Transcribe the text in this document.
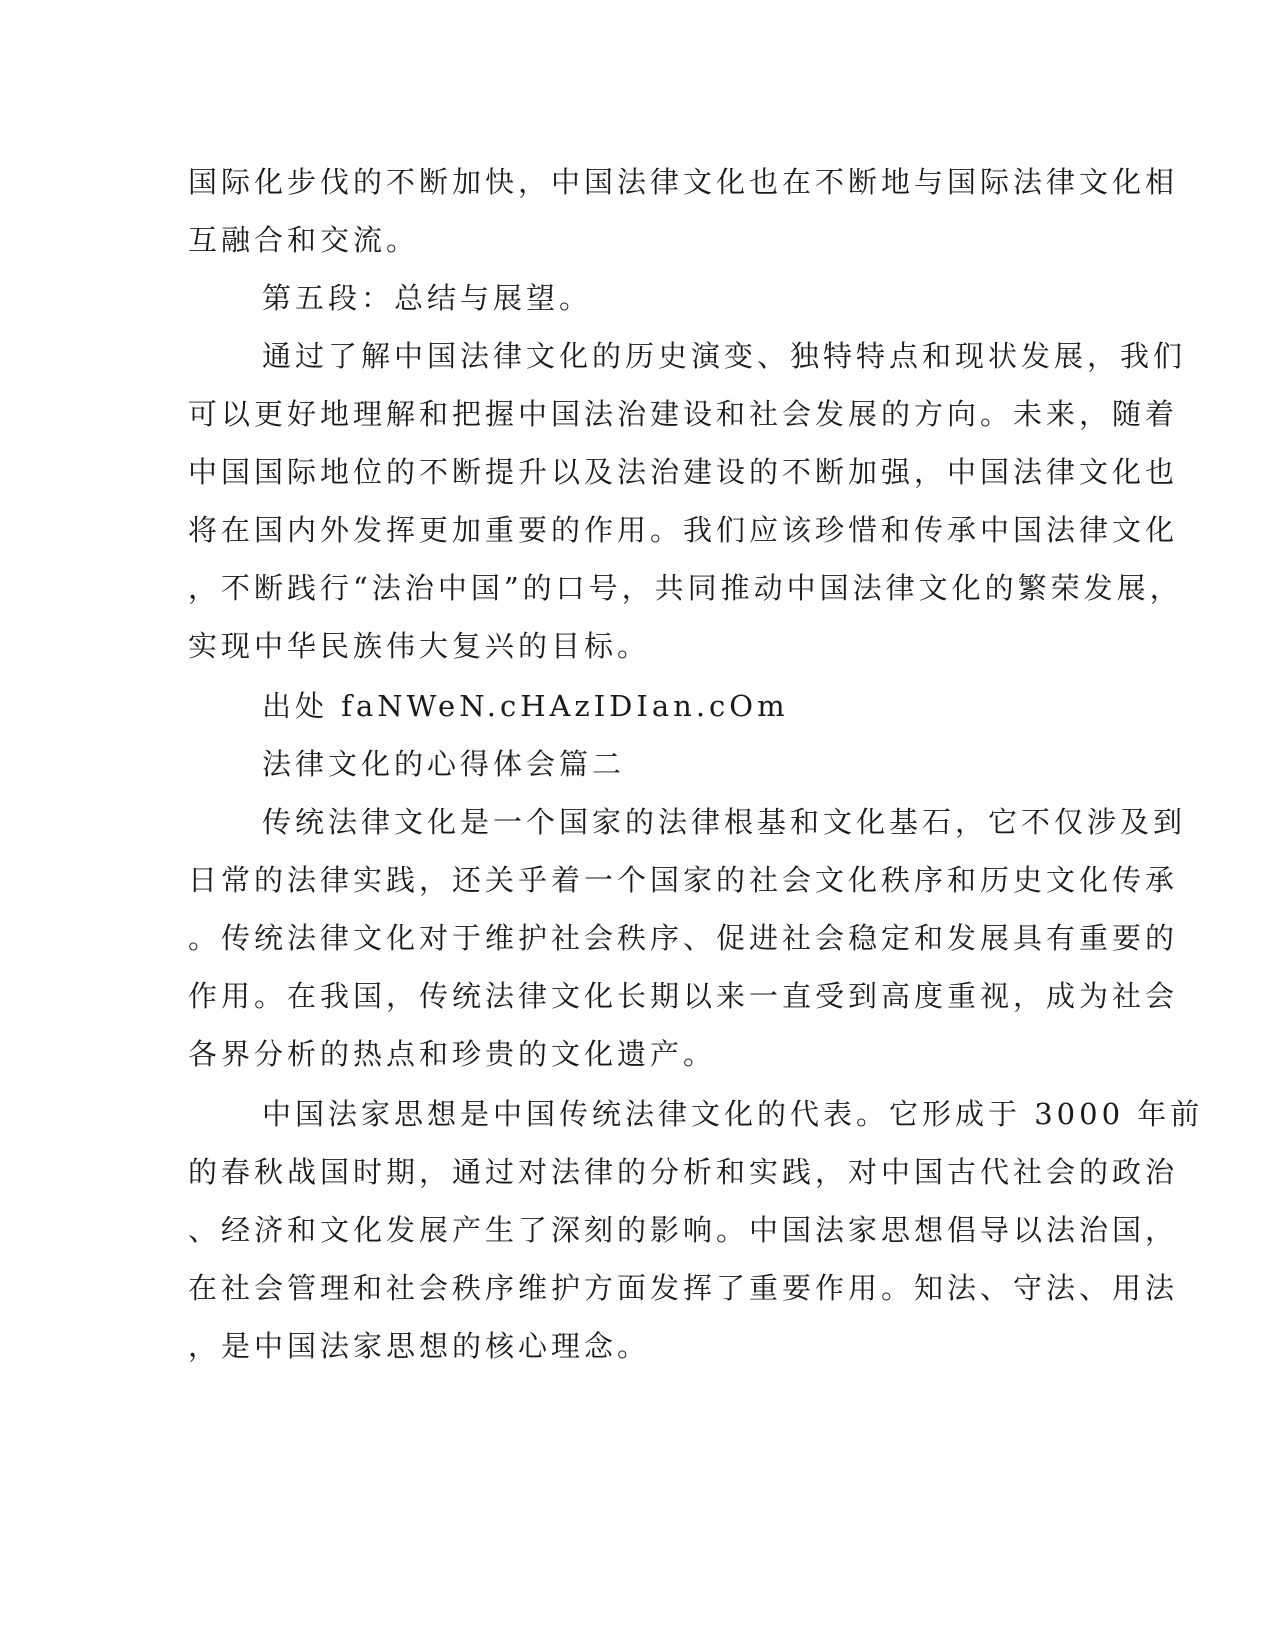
国际化步伐的不断加快，中国法律文化也在不断地与国际法律文化相
互融合和交流。
第五段：总结与展望。
通过了解中国法律文化的历史演变、独特特点和现状发展，我们
可以更好地理解和把握中国法治建设和社会发展的方向。未来，随着
中国国际地位的不断提升以及法治建设的不断加强，中国法律文化也
将在国内外发挥更加重要的作用。我们应该珍惜和传承中国法律文化
，不断践行“法治中国”的口号，共同推动中国法律文化的繁荣发展，
实现中华民族伟大复兴的目标。
出处 faNWeN.cHAzIDIan.cOm
法律文化的心得体会篇二
传统法律文化是一个国家的法律根基和文化基石，它不仅涉及到
日常的法律实践，还关乎着一个国家的社会文化秩序和历史文化传承
。传统法律文化对于维护社会秩序、促进社会稳定和发展具有重要的
作用。在我国，传统法律文化长期以来一直受到高度重视，成为社会
各界分析的热点和珍贵的文化遗产。
中国法家思想是中国传统法律文化的代表。它形成于 3000 年前
的春秋战国时期，通过对法律的分析和实践，对中国古代社会的政治
、经济和文化发展产生了深刻的影响。中国法家思想倡导以法治国，
在社会管理和社会秩序维护方面发挥了重要作用。知法、守法、用法
，是中国法家思想的核心理念。
